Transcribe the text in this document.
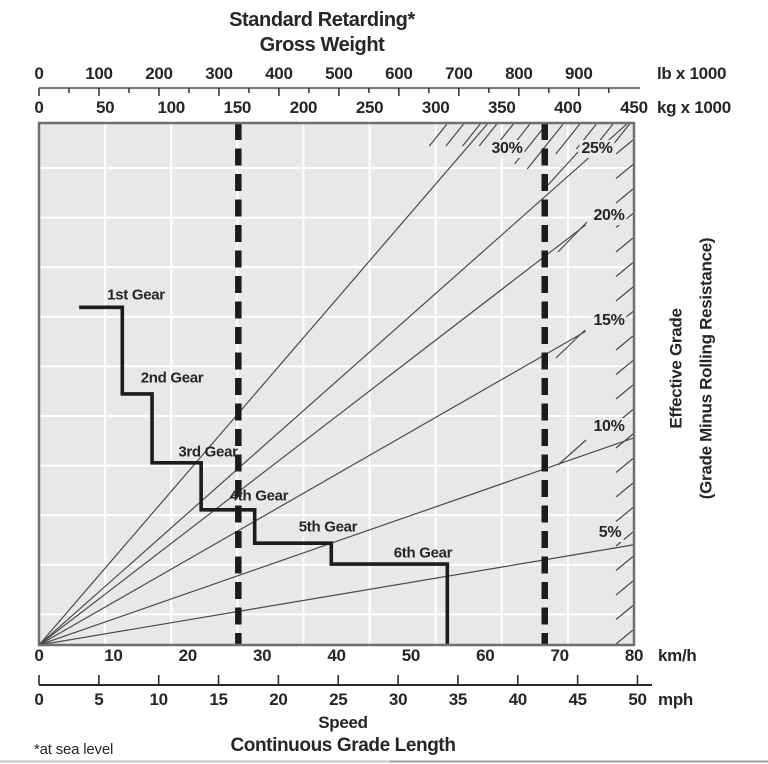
Standard Retarding*
Gross Weight
lb x 1000
kg x 1000
km/h
mph
Effective Grade (Grade Minus Rolling Resistance)
Speed
Continuous Grade Length
*at sea level
0 100 200 300 400 500 600 700 800 900
0	50	100 150 200 250 300 350 400 450
0	10	20	30	40	50	60	70	80
0	5	10 15 20 25 30 35 40 45 50
1st Gear
2nd Gear
3rd Gear
4th Gear
5th Gear
6th Gear
5%
10%
15%
20%
25%
30%
